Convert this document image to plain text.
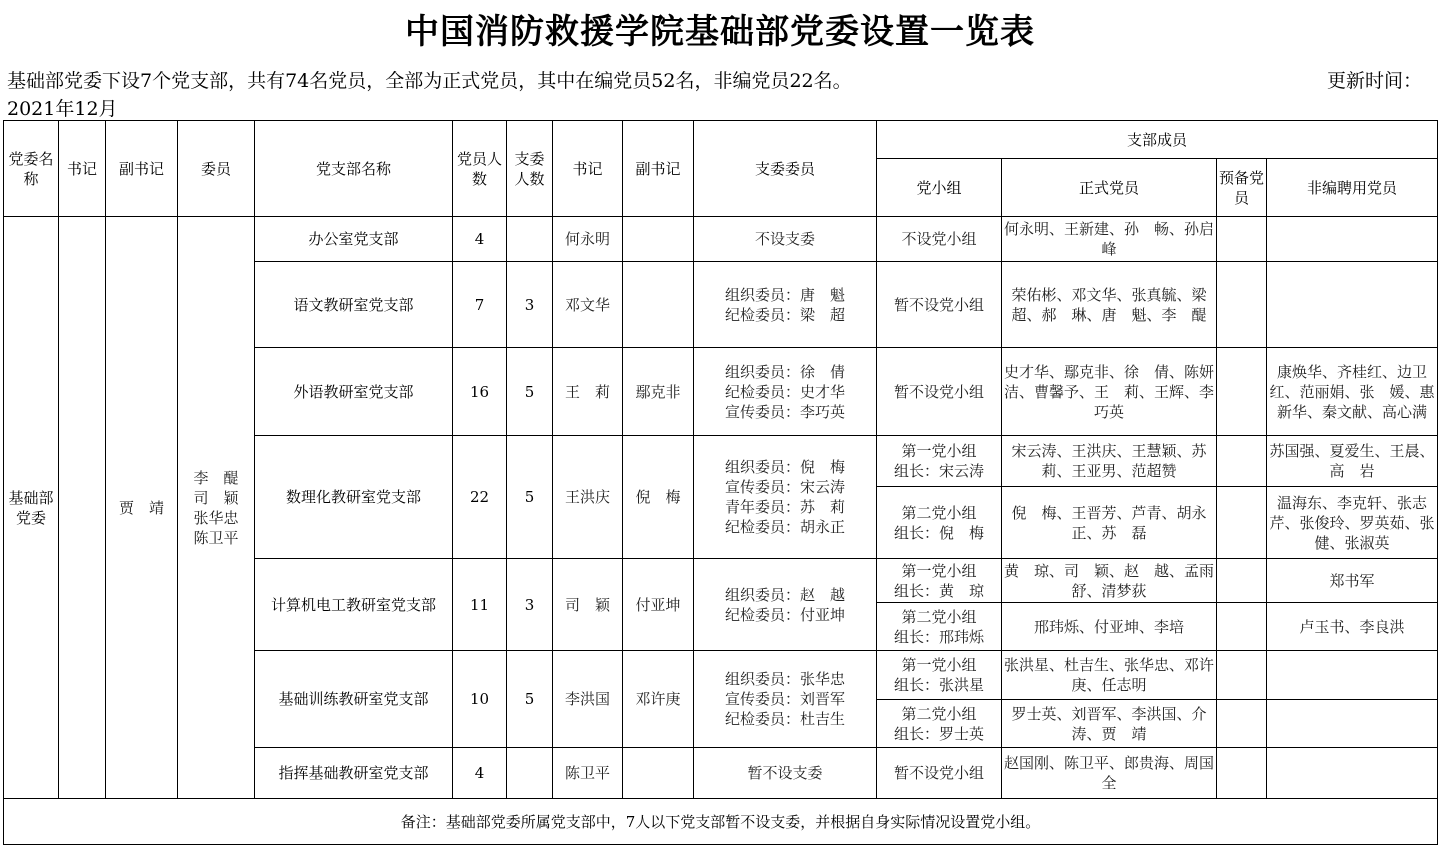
中国消防救援学院基础部党委设置一览表
基础部党委下设7个党支部，共有74名党员，全部为正式党员，其中在编党员52名，非编党员22名。	更新时间：
2021年12月
党委名称	书记	副书记	委员	党支部名称	党员人数	支委人数	书记	副书记	支委委员	支部成员			
										党小组	正式党员	预备党员	非编聘用党员
基础部党委		贾　靖	李　醍
司　颖
张华忠
陈卫平	办公室党支部	4		何永明		不设支委	不设党小组	何永明、王新建、孙　畅、孙启峰		
				语文教研室党支部	7	3	邓文华		组织委员：唐　魁
纪检委员：梁　超	暂不设党小组	荣佑彬、邓文华、张真毓、梁超、郝　琳、唐　魁、李　醍		
				外语教研室党支部	16	5	王　莉	鄢克非	组织委员：徐　倩
纪检委员：史才华
宣传委员：李巧英	暂不设党小组	史才华、鄢克非、徐　倩、陈妍洁、曹馨予、王　莉、王辉、李巧英		康焕华、齐桂红、边卫红、范丽娟、张　媛、惠新华、秦文献、高心满
				数理化教研室党支部	22	5	王洪庆	倪　梅	组织委员：倪　梅
宣传委员：宋云涛
青年委员：苏　莉
纪检委员：胡永正	第一党小组
组长：宋云涛	宋云涛、王洪庆、王慧颖、苏莉、王亚男、范超赞		苏国强、夏爱生、王晨、高　岩
										第二党小组
组长：倪　梅	倪　梅、王晋芳、芦青、胡永正、苏　磊		温海东、李克轩、张志芹、张俊玲、罗英茹、张　健、张淑英
				计算机电工教研室党支部	11	3	司　颖	付亚坤	组织委员：赵　越
纪检委员：付亚坤	第一党小组
组长：黄　琼	黄　琼、司　颖、赵　越、孟雨舒、清梦荻		郑书军
										第二党小组
组长：邢玮烁	邢玮烁、付亚坤、李培		卢玉书、李良洪
				基础训练教研室党支部	10	5	李洪国	邓许庚	组织委员：张华忠
宣传委员：刘晋军
纪检委员：杜吉生	第一党小组
组长：张洪星	张洪星、杜吉生、张华忠、邓许庚、任志明		
										第二党小组
组长：罗士英	罗士英、刘晋军、李洪国、介涛、贾　靖		
				指挥基础教研室党支部	4		陈卫平		暂不设支委	暂不设党小组	赵国刚、陈卫平、郎贵海、周国全		
备注：基础部党委所属党支部中，7人以下党支部暂不设支委，并根据自身实际情况设置党小组。													
